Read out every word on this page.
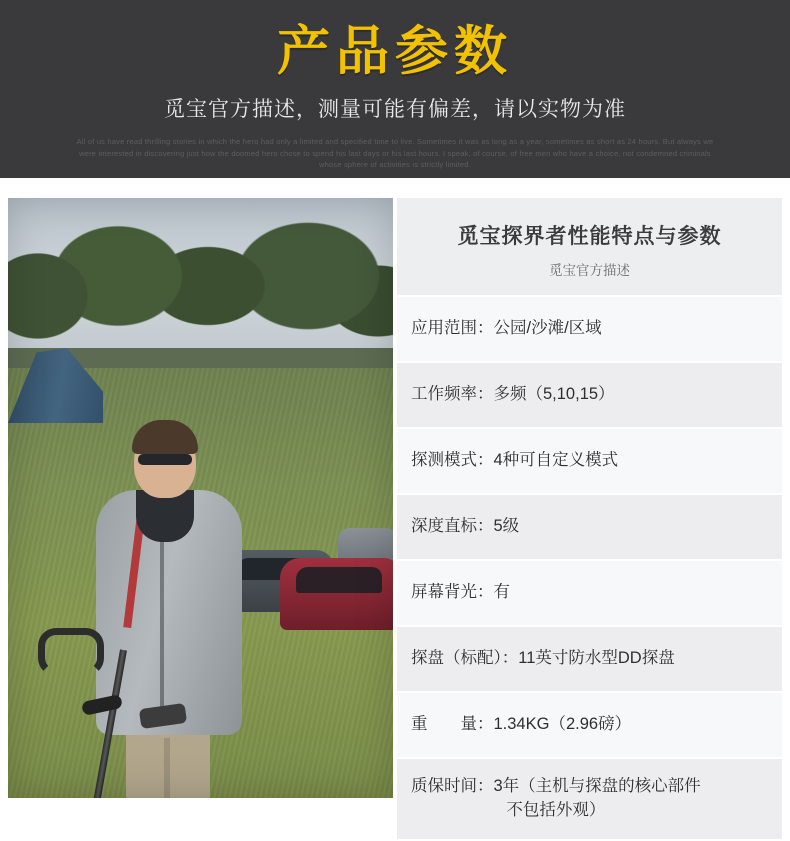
产品参数
觅宝官方描述，测量可能有偏差，请以实物为准
All of us have read thrilling stories in which the hero had only a limited and specified time to live. Sometimes it was as long as a year, sometimes as short as 24 hours. But always we were interested in discovering just how the doomed hero chose to spend his last days or his last hours. I speak, of course, of free men who have a choice, not condemned criminals whose sphere of activities is strictly limited.
觅宝探界者性能特点与参数
觅宝官方描述
应用范围：公园/沙滩/区域
工作频率：多频（5,10,15）
探测模式：4种可自定义模式
深度直标：5级
屏幕背光：有
探盘（标配）：11英寸防水型DD探盘
重　　量：1.34KG（2.96磅）
质保时间：3年（主机与探盘的核心部件
不包括外观）
